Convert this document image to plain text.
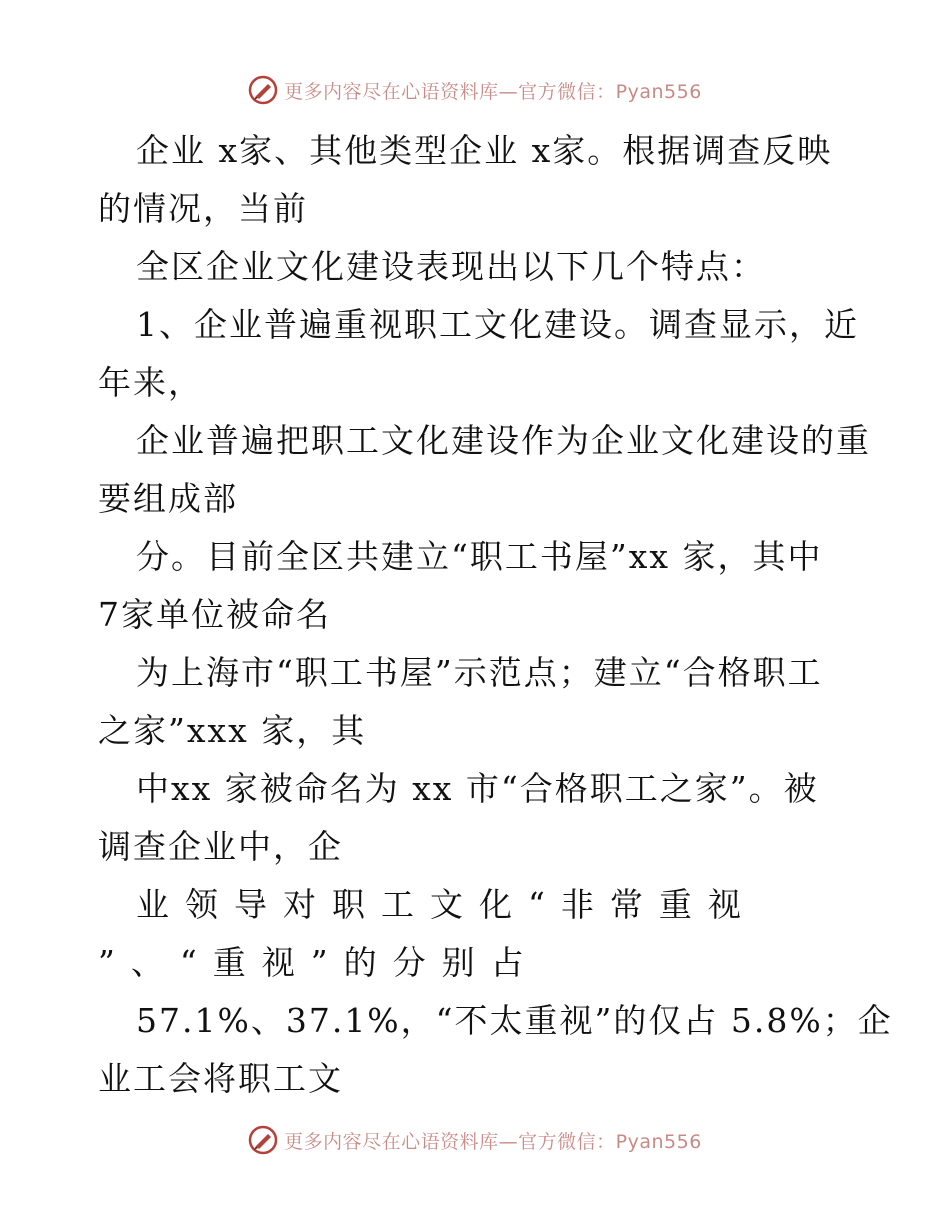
更多内容尽在心语资料库—官方微信：Pyan556
企业 x家、其他类型企业 x家。根据调查反映
的情况，当前
全区企业文化建设表现出以下几个特点：
1、企业普遍重视职工文化建设。调查显示，近
年来，
企业普遍把职工文化建设作为企业文化建设的重
要组成部
分。目前全区共建立“职工书屋”xx 家，其中
7家单位被命名
为上海市“职工书屋”示范点；建立“合格职工
之家”xxx 家，其
中xx 家被命名为 xx 市“合格职工之家”。被
调查企业中，企
业领导对职工文化“非常重视
”、“重视”的分别占
57.1%、37.1%，“不太重视”的仅占 5.8%；企
业工会将职工文
更多内容尽在心语资料库—官方微信：Pyan556
